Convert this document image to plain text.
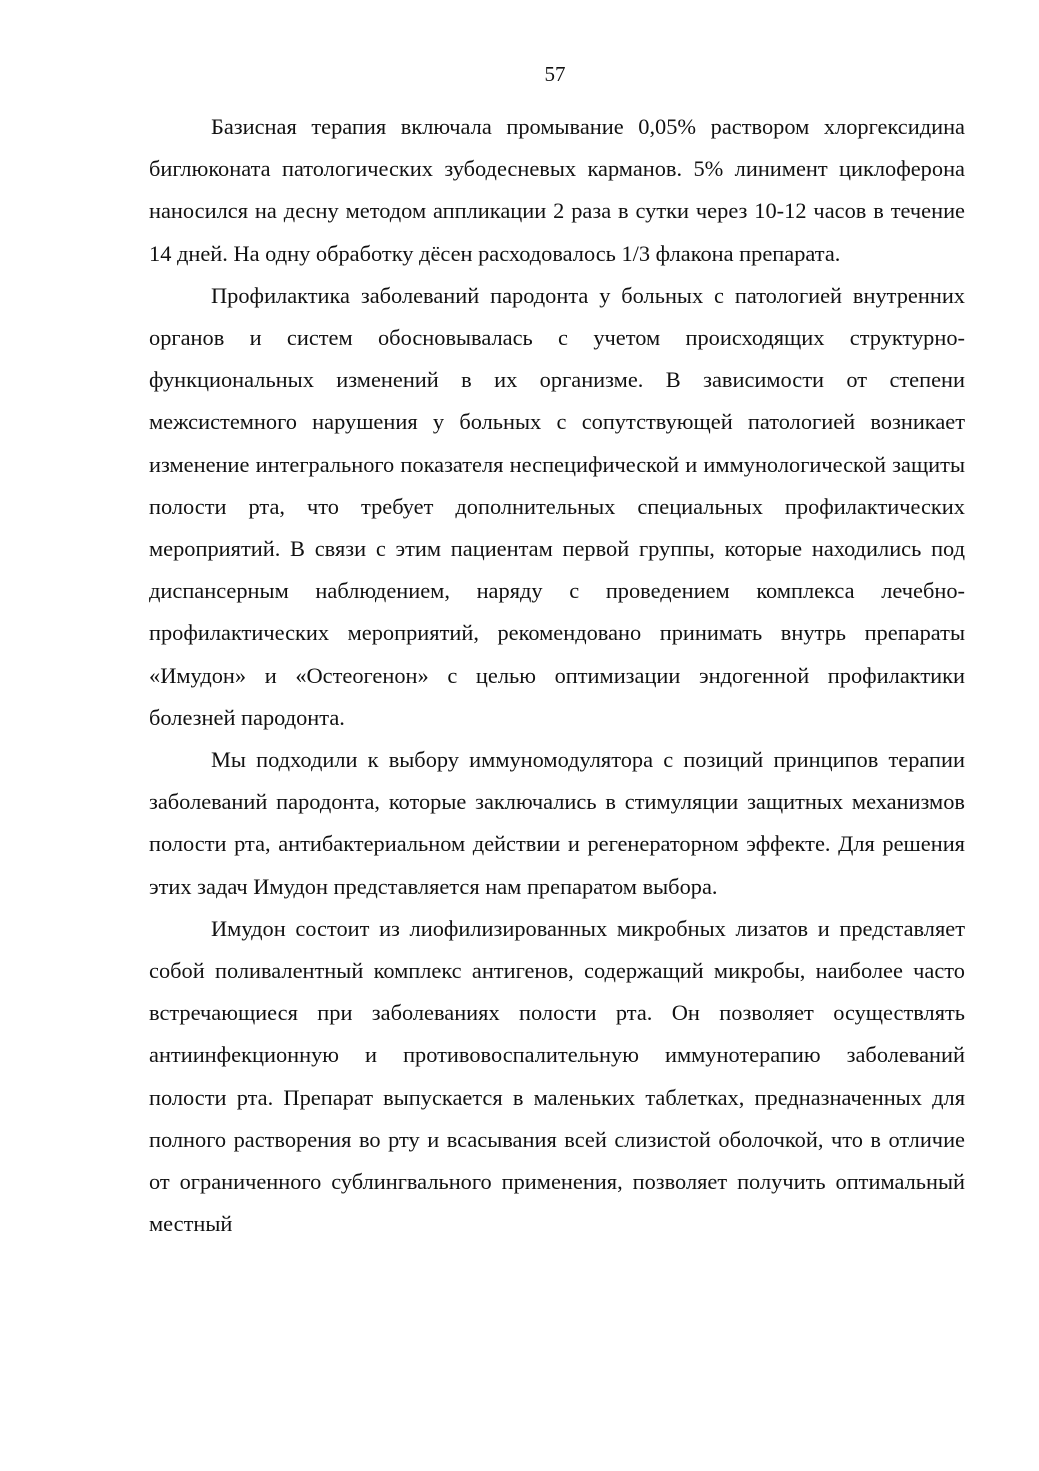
57

Базисная терапия включала промывание 0,05% раствором хлоргексидина биглюконата патологических зубодесневых карманов. 5% линимент циклоферона наносился на десну методом аппликации 2 раза в сутки через 10-12 часов в течение 14 дней. На одну обработку дёсен расходовалось 1/3 флакона препарата.

Профилактика заболеваний пародонта у больных с патологией внутренних органов и систем обосновывалась с учетом происходящих структурно-функциональных изменений в их организме. В зависимости от степени межсистемного нарушения у больных с сопутствующей патологией возникает изменение интегрального показателя неспецифической и иммунологической защиты полости рта, что требует дополнительных специальных профилактических мероприятий. В связи с этим пациентам первой группы, которые находились под диспансерным наблюдением, наряду с проведением комплекса лечебно-профилактических мероприятий, рекомендовано принимать внутрь препараты «Имудон» и «Остеогенон» с целью оптимизации эндогенной профилактики болезней пародонта.

Мы подходили к выбору иммуномодулятора с позиций принципов терапии заболеваний пародонта, которые заключались в стимуляции защитных механизмов полости рта, антибактериальном действии и регенераторном эффекте. Для решения этих задач Имудон представляется нам препаратом выбора.

Имудон состоит из лиофилизированных микробных лизатов и представляет собой поливалентный комплекс антигенов, содержащий микробы, наиболее часто встречающиеся при заболеваниях полости рта. Он позволяет осуществлять антиинфекционную и противовоспалительную иммунотерапию заболеваний полости рта. Препарат выпускается в маленьких таблетках, предназначенных для полного растворения во рту и всасывания всей слизистой оболочкой, что в отличие от ограниченного сублингвального применения, позволяет получить оптимальный местный
